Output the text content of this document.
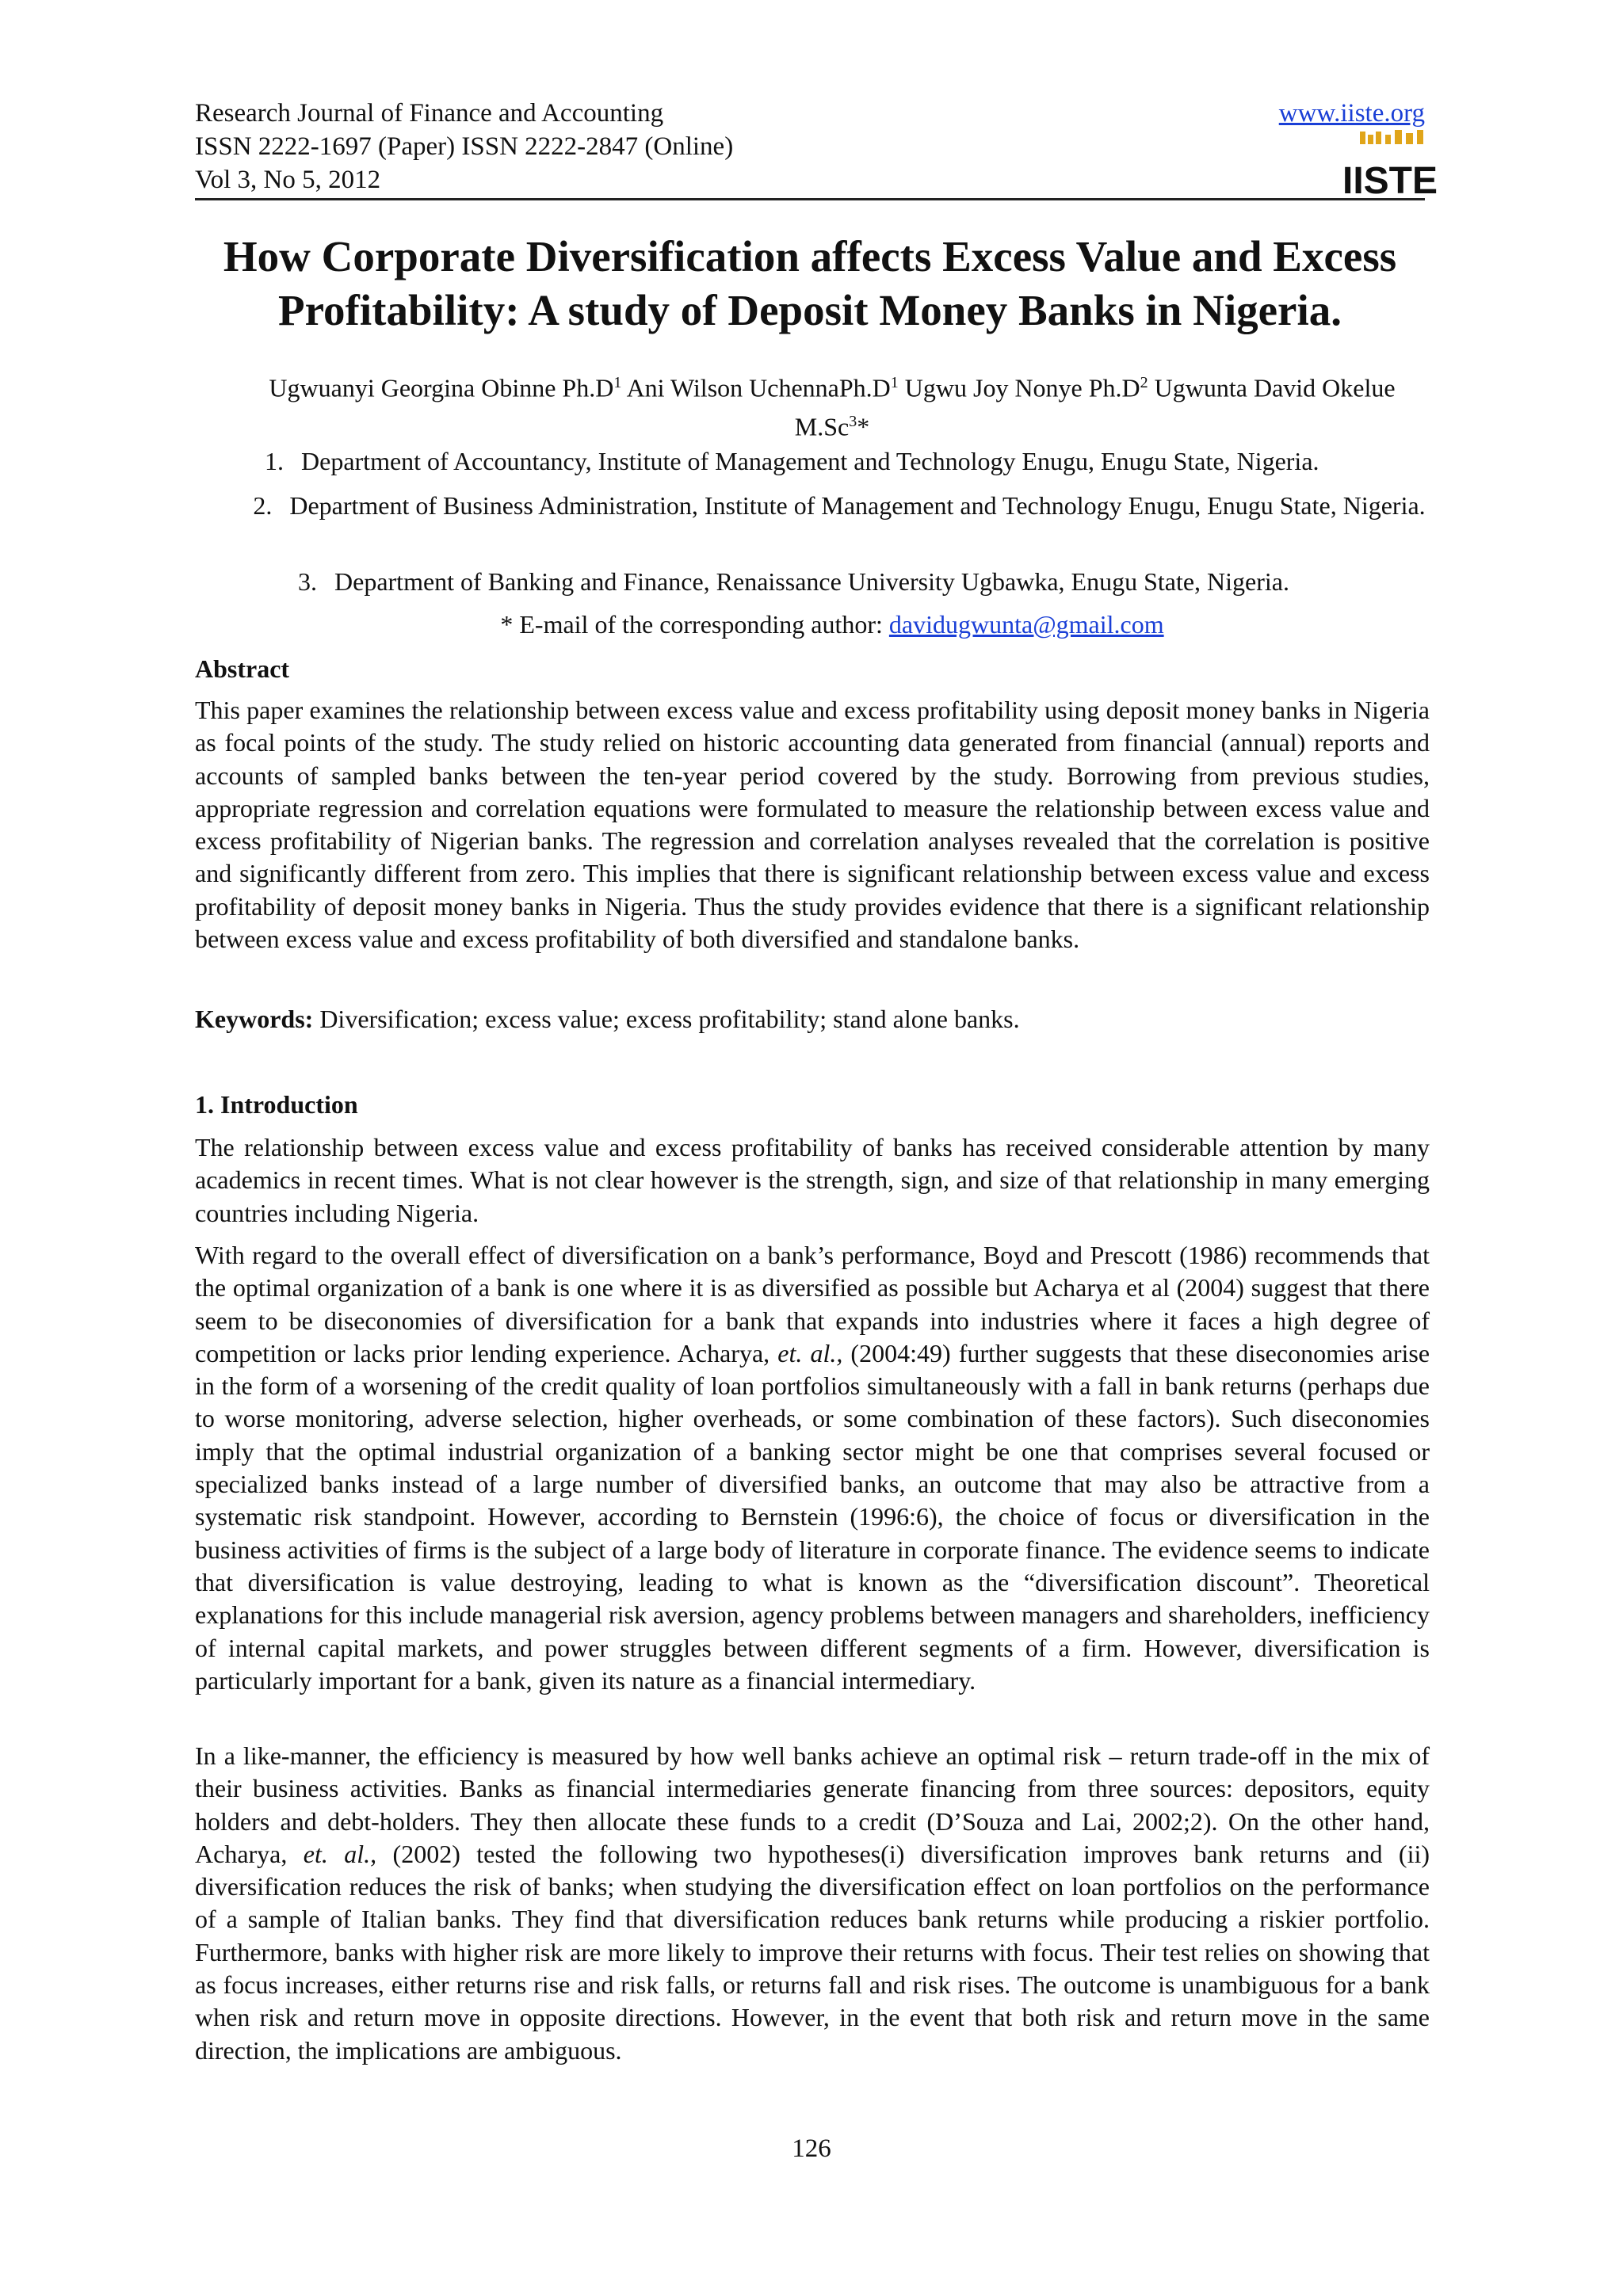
Research Journal of Finance and Accounting
ISSN 2222-1697 (Paper) ISSN 2222-2847 (Online)
Vol 3, No 5, 2012
www.iiste.org
IISTE
How Corporate Diversification affects Excess Value and Excess Profitability: A study of Deposit Money Banks in Nigeria.
Ugwuanyi Georgina Obinne $Ph.D^1$ Ani Wilson $UchennaPh.D^1$ Ugwu Joy Nonye $Ph.D^2$ Ugwunta David Okelue M.Sc$^3$*
1. Department of Accountancy, Institute of Management and Technology Enugu, Enugu State, Nigeria.
2. Department of Business Administration, Institute of Management and Technology Enugu, Enugu State, Nigeria.
3. Department of Banking and Finance, Renaissance University Ugbawka, Enugu State, Nigeria.
* E-mail of the corresponding author: davidugwunta@gmail.com
Abstract

This paper examines the relationship between excess value and excess profitability using deposit money banks in Nigeria as focal points of the study. The study relied on historic accounting data generated from financial (annual) reports and accounts of sampled banks between the ten-year period covered by the study. Borrowing from previous studies, appropriate regression and correlation equations were formulated to measure the relationship between excess value and excess profitability of Nigerian banks. The regression and correlation analyses revealed that the correlation is positive and significantly different from zero. This implies that there is significant relationship between excess value and excess profitability of deposit money banks in Nigeria. Thus the study provides evidence that there is a significant relationship between excess value and excess profitability of both diversified and standalone banks.

Keywords: Diversification; excess value; excess profitability; stand alone banks.

1. Introduction

The relationship between excess value and excess profitability of banks has received considerable attention by many academics in recent times. What is not clear however is the strength, sign, and size of that relationship in many emerging countries including Nigeria.

With regard to the overall effect of diversification on a bank’s performance, Boyd and Prescott (1986) recommends that the optimal organization of a bank is one where it is as diversified as possible but Acharya et al (2004) suggest that there seem to be diseconomies of diversification for a bank that expands into industries where it faces a high degree of competition or lacks prior lending experience. Acharya, et. al., (2004:49) further suggests that these diseconomies arise in the form of a worsening of the credit quality of loan portfolios simultaneously with a fall in bank returns (perhaps due to worse monitoring, adverse selection, higher overheads, or some combination of these factors). Such diseconomies imply that the optimal industrial organization of a banking sector might be one that comprises several focused or specialized banks instead of a large number of diversified banks, an outcome that may also be attractive from a systematic risk standpoint. However, according to Bernstein (1996:6), the choice of focus or diversification in the business activities of firms is the subject of a large body of literature in corporate finance. The evidence seems to indicate that diversification is value destroying, leading to what is known as the “diversification discount”. Theoretical explanations for this include managerial risk aversion, agency problems between managers and shareholders, inefficiency of internal capital markets, and power struggles between different segments of a firm. However, diversification is particularly important for a bank, given its nature as a financial intermediary.

In a like-manner, the efficiency is measured by how well banks achieve an optimal risk – return trade-off in the mix of their business activities. Banks as financial intermediaries generate financing from three sources: depositors, equity holders and debt-holders. They then allocate these funds to a credit (D’Souza and Lai, 2002;2). On the other hand, Acharya, et. al., (2002) tested the following two hypotheses(i) diversification improves bank returns and (ii) diversification reduces the risk of banks; when studying the diversification effect on loan portfolios on the performance of a sample of Italian banks. They find that diversification reduces bank returns while producing a riskier portfolio. Furthermore, banks with higher risk are more likely to improve their returns with focus. Their test relies on showing that as focus increases, either returns rise and risk falls, or returns fall and risk rises. The outcome is unambiguous for a bank when risk and return move in opposite directions. However, in the event that both risk and return move in the same direction, the implications are ambiguous.

126
